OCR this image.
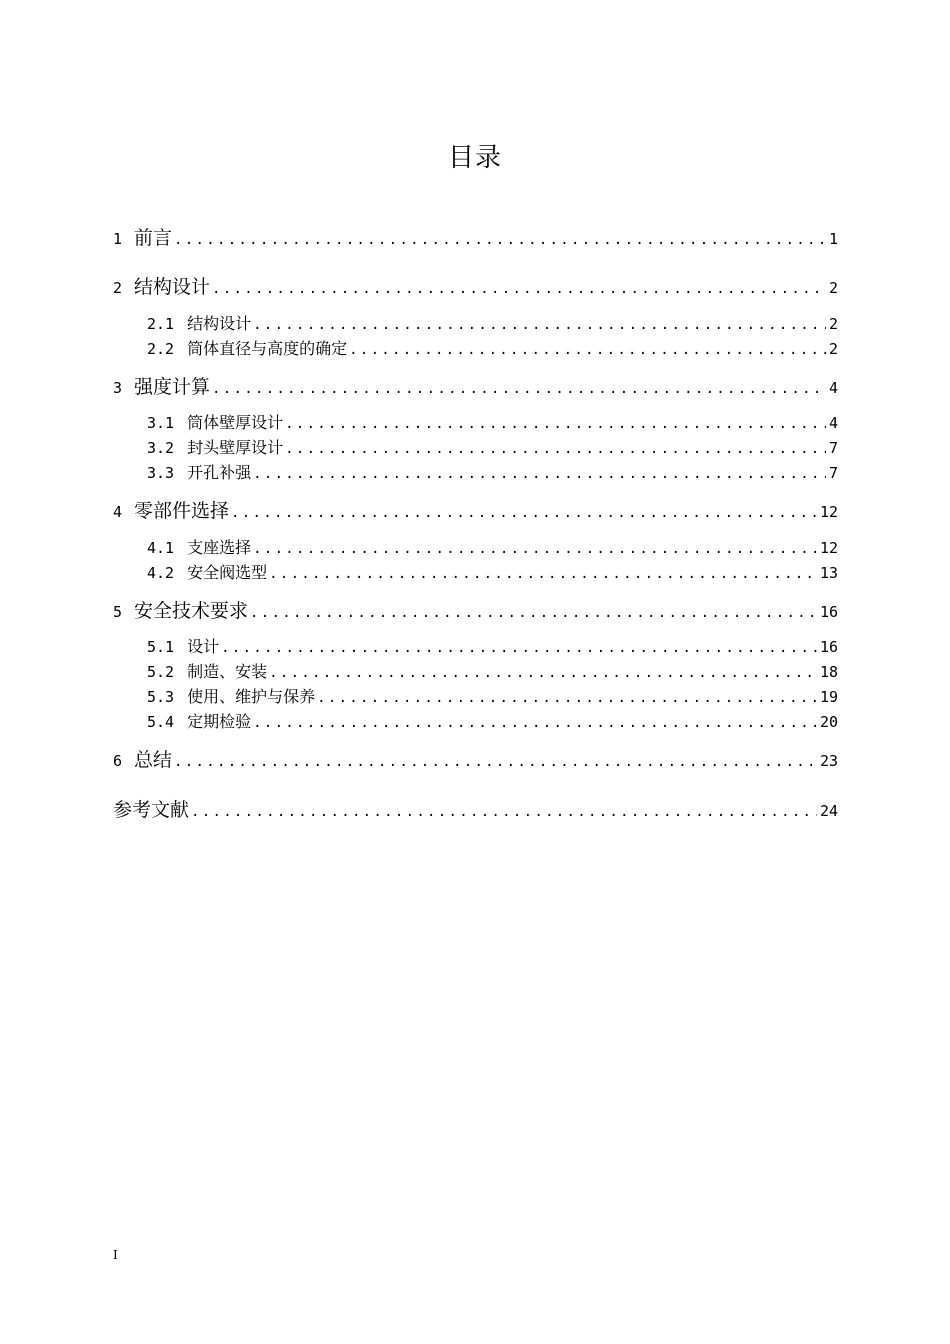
目录
1 前言 .....	1
2 结构设计 .....	2
2.1 结构设计 .....	2
2.2 筒体直径与高度的确定 .....	2
3 强度计算 .....	4
3.1 筒体壁厚设计 .....	4
3.2 封头壁厚设计 .....	7
3.3 开孔补强 .....	7
4 零部件选择 .....	12
4.1 支座选择 .....	12
4.2 安全阀选型 .....	13
5 安全技术要求 .....	16
5.1 设计 .....	16
5.2 制造、安装 .....	18
5.3 使用、维护与保养 .....	19
5.4 定期检验 .....	20
6 总结 .....	23
参考文献 .....	24
I
